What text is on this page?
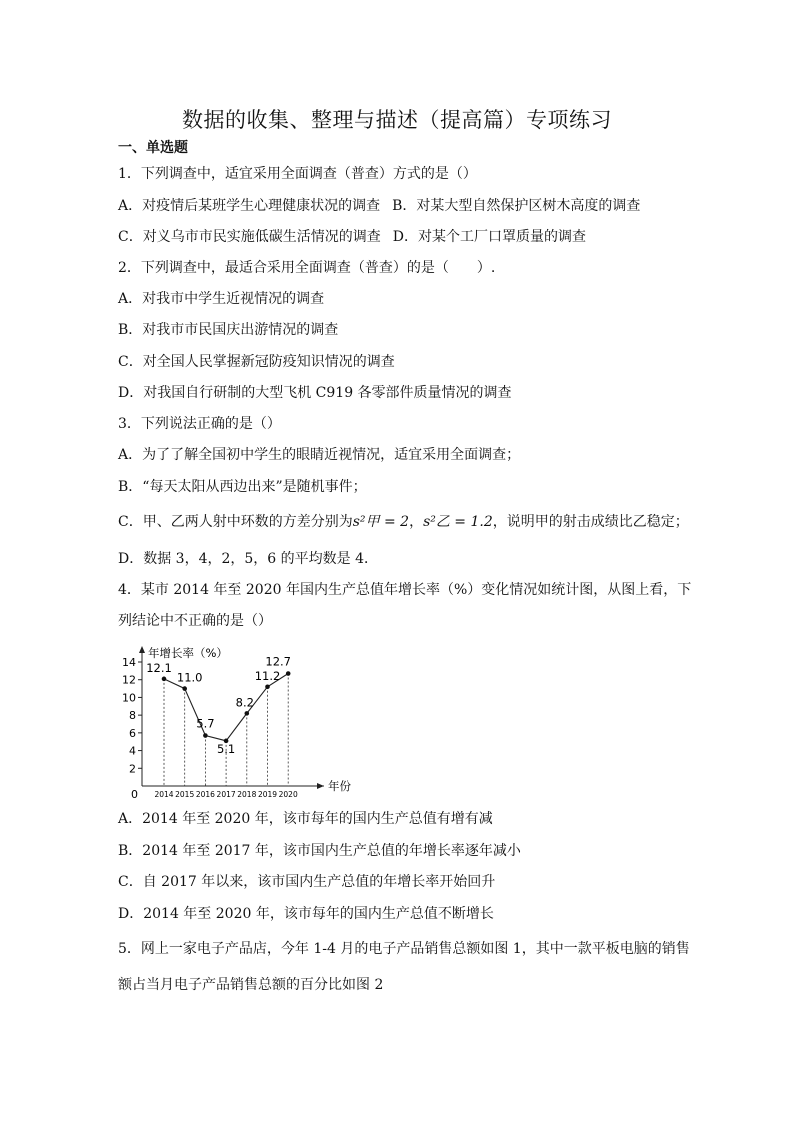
数据的收集、整理与描述（提高篇）专项练习
一、单选题
1．下列调查中，适宜采用全面调查（普查）方式的是（）
A．对疫情后某班学生心理健康状况的调查 B．对某大型自然保护区树木高度的调查
C．对义乌市市民实施低碳生活情况的调查 D．对某个工厂口罩质量的调查
2．下列调查中，最适合采用全面调查（普查）的是（　　）.
A．对我市中学生近视情况的调查
B．对我市市民国庆出游情况的调查
C．对全国人民掌握新冠防疫知识情况的调查
D．对我国自行研制的大型飞机 C919 各零部件质量情况的调查
3．下列说法正确的是（）
A．为了了解全国初中学生的眼睛近视情况，适宜采用全面调查；
B．“每天太阳从西边出来”是随机事件；
C．甲、乙两人射中环数的方差分别为s²甲 = 2，s²乙 = 1.2，说明甲的射击成绩比乙稳定；
D．数据 3，4，2，5，6 的平均数是 4．
4．某市 2014 年至 2020 年国内生产总值年增长率（%）变化情况如统计图，从图上看，下
列结论中不正确的是（）
年增长率（%）
年份
0
2
4
6
8
10
12
14
2014 2015 2016 2017 2018 2019 2020
12.1
11.0
5.7
5.1
8.2
11.2
12.7
A．2014 年至 2020 年，该市每年的国内生产总值有增有减
B．2014 年至 2017 年，该市国内生产总值的年增长率逐年减小
C．自 2017 年以来，该市国内生产总值的年增长率开始回升
D．2014 年至 2020 年，该市每年的国内生产总值不断增长
5．网上一家电子产品店，今年 1-4 月的电子产品销售总额如图 1，其中一款平板电脑的销售
额占当月电子产品销售总额的百分比如图 2
